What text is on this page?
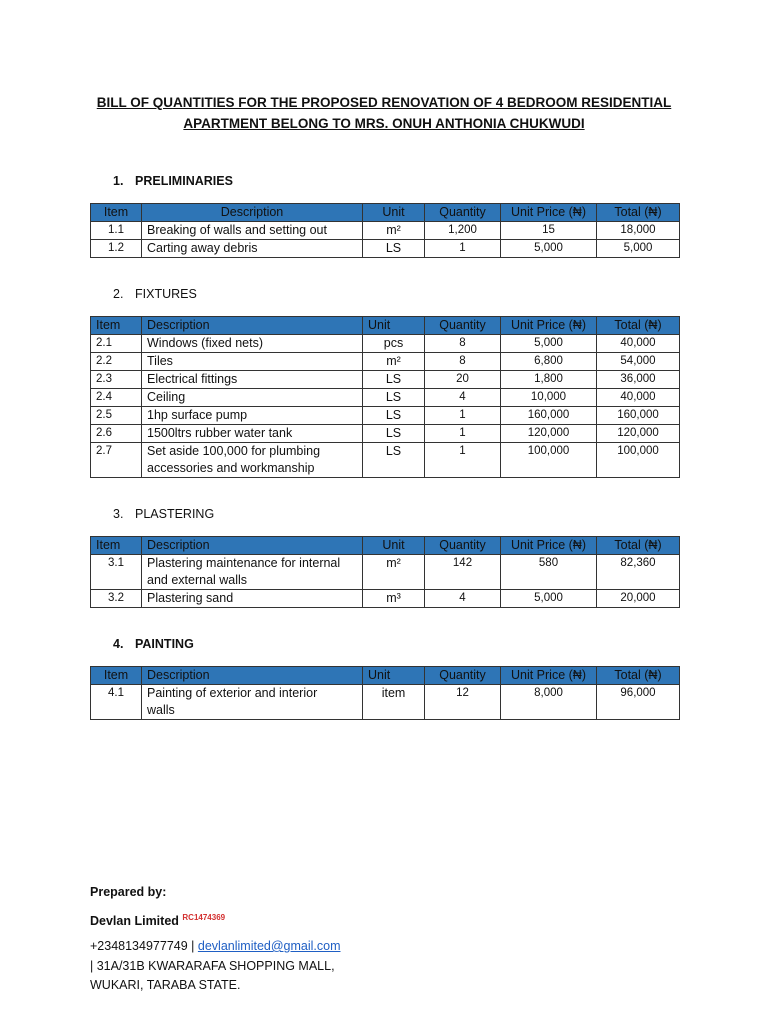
BILL OF QUANTITIES FOR THE PROPOSED RENOVATION OF 4 BEDROOM RESIDENTIAL
APARTMENT BELONG TO MRS. ONUH ANTHONIA CHUKWUDI
1. PRELIMINARIES
Item	Description	Unit	Quantity	Unit Price (₦)	Total (₦)
1.1	Breaking of walls and setting out	m²	1,200	15	18,000
1.2	Carting away debris	LS	1	5,000	5,000
2. FIXTURES
Item	Description	Unit	Quantity	Unit Price (₦)	Total (₦)
2.1	Windows (fixed nets)	pcs	8	5,000	40,000
2.2	Tiles	m²	8	6,800	54,000
2.3	Electrical fittings	LS	20	1,800	36,000
2.4	Ceiling	LS	4	10,000	40,000
2.5	1hp surface pump	LS	1	160,000	160,000
2.6	1500ltrs rubber water tank	LS	1	120,000	120,000
2.7	Set aside 100,000 for plumbing
accessories and workmanship	LS	1	100,000	100,000
3. PLASTERING
Item	Description	Unit	Quantity	Unit Price (₦)	Total (₦)
3.1	Plastering maintenance for internal
and external walls	m²	142	580	82,360
3.2	Plastering sand	m³	4	5,000	20,000
4. PAINTING
Item	Description	Unit	Quantity	Unit Price (₦)	Total (₦)
4.1	Painting of exterior and interior
walls	item	12	8,000	96,000
Prepared by:
Devlan Limited $^{RC1474369}$
+2348134977749 | devlanlimited@gmail.com
| 31A/31B KWARARAFA SHOPPING MALL,
WUKARI, TARABA STATE.
